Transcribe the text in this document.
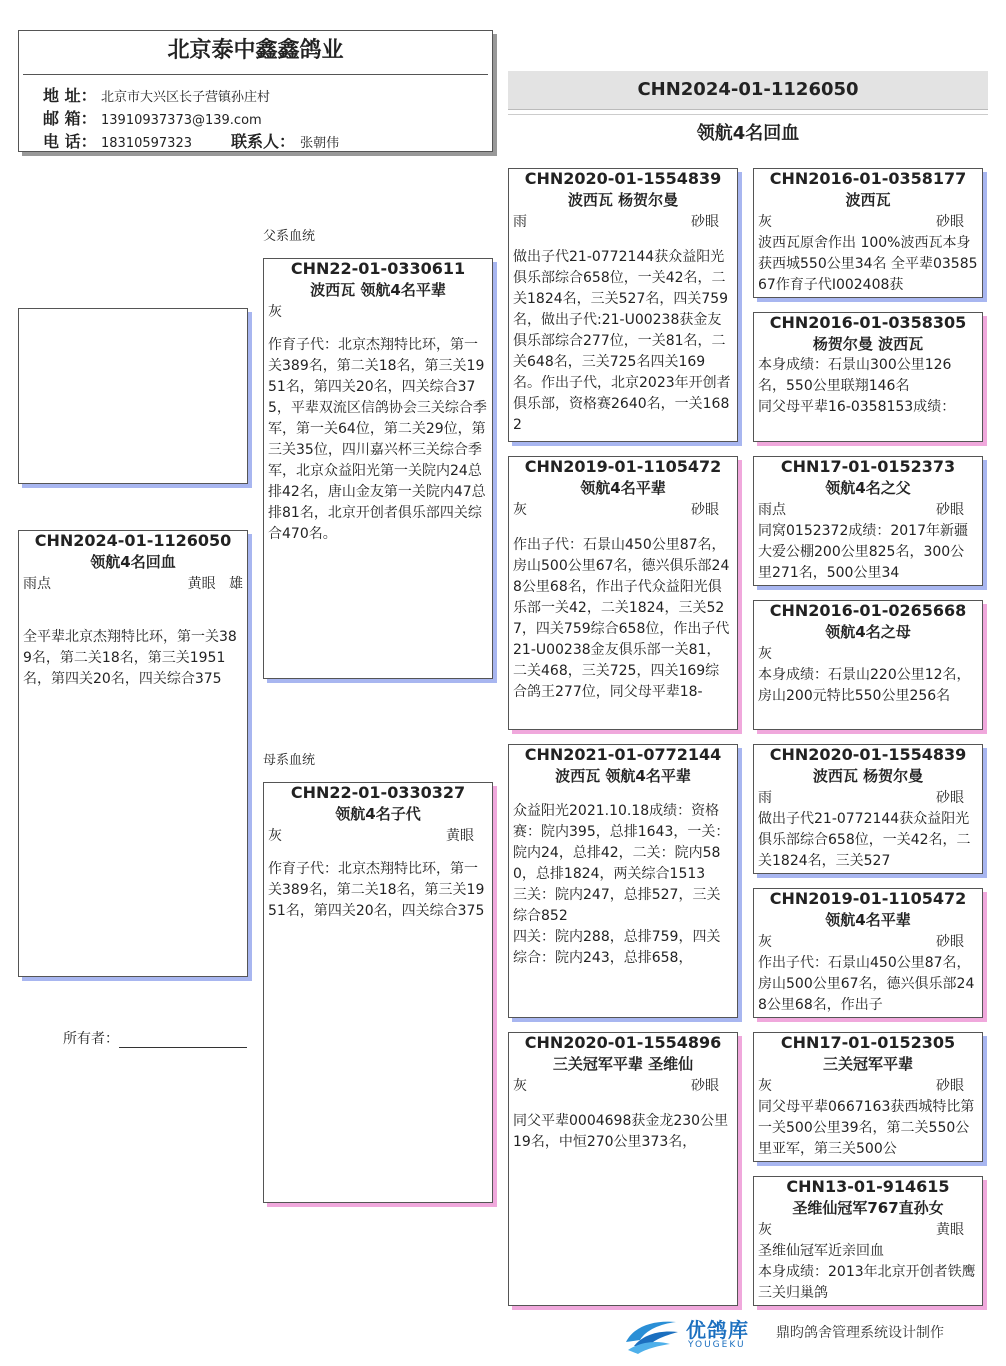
北京泰中鑫鑫鸽业
地 址： 北京市大兴区长子营镇孙庄村
邮 箱： 13910937373@139.com
电 话： 18310597323 联系人： 张朝伟
CHN2024-01-1126050
领航4名回血
CHN2024-01-1126050
领航4名回血
雨点	黄眼 雄
全平辈北京杰翔特比环，第一关389名，第二关18名，第三关1951名，第四关20名，四关综合375
父系血统
母系血统
所有者：
CHN22-01-0330611
波西瓦 领航4名平辈
灰
作育子代：北京杰翔特比环，第一关389名，第二关18名，第三关1951名，第四关20名，四关综合375，平辈双流区信鸽协会三关综合季军，第一关64位，第二关29位，第三关35位，四川嘉兴杯三关综合季军，北京众益阳光第一关院内24总排42名，唐山金友第一关院内47总排81名，北京开创者俱乐部四关综合470名。
CHN22-01-0330327
领航4名子代
灰	黄眼
作育子代：北京杰翔特比环，第一关389名，第二关18名，第三关1951名，第四关20名，四关综合375
CHN2020-01-1554839
波西瓦 杨贺尔曼
雨	砂眼
做出子代21-0772144获众益阳光俱乐部综合658位，一关42名，二关1824名，三关527名，四关759名，做出子代:21-U00238获金友俱乐部综合277位，一关81名，二关648名，三关725名四关169名。作出子代，北京2023年开创者俱乐部，资格赛2640名，一关1682
CHN2019-01-1105472
领航4名平辈
灰	砂眼
作出子代：石景山450公里87名，房山500公里67名，德兴俱乐部248公里68名，作出子代众益阳光俱乐部一关42，二关1824，三关527，四关759综合658位，作出子代21-U00238金友俱乐部一关81，二关468，三关725，四关169综合鸽王277位，同父母平辈18-
CHN2021-01-0772144
波西瓦 领航4名平辈
众益阳光2021.10.18成绩：资格赛：院内395，总排1643，一关：院内24，总排42，二关：院内580，总排1824，两关综合1513
三关：院内247，总排527，三关综合852
四关：院内288，总排759，四关综合：院内243，总排658，
CHN2020-01-1554896
三关冠军平辈 圣维仙
灰	砂眼
同父平辈0004698获金龙230公里19名，中恒270公里373名，
CHN2016-01-0358177
波西瓦
灰	砂眼
波西瓦原舍作出 100%波西瓦本身获西城550公里34名 全平辈0358567作育子代I002408获
CHN2016-01-0358305
杨贺尔曼 波西瓦
本身成绩：石景山300公里126名，550公里联翔146名
同父母平辈16-0358153成绩：
CHN17-01-0152373
领航4名之父
雨点	砂眼
同窝0152372成绩：2017年新疆大爱公棚200公里825名，300公里271名，500公里34
CHN2016-01-0265668
领航4名之母
灰
本身成绩：石景山220公里12名，房山200元特比550公里256名
CHN2020-01-1554839
波西瓦 杨贺尔曼
雨	砂眼
做出子代21-0772144获众益阳光俱乐部综合658位，一关42名，二关1824名，三关527
CHN2019-01-1105472
领航4名平辈
灰	砂眼
作出子代：石景山450公里87名，房山500公里67名，德兴俱乐部248公里68名，作出子
CHN17-01-0152305
三关冠军平辈
灰	砂眼
同父母平辈0667163获西城特比第一关500公里39名，第二关550公里亚军，第三关500公
CHN13-01-914615
圣维仙冠军767直孙女
灰	黄眼
圣维仙冠军近亲回血
本身成绩：2013年北京开创者铁鹰三关归巢鸽
优鸽库
YOUGEKU
鼎昀鸽舍管理系统设计制作
